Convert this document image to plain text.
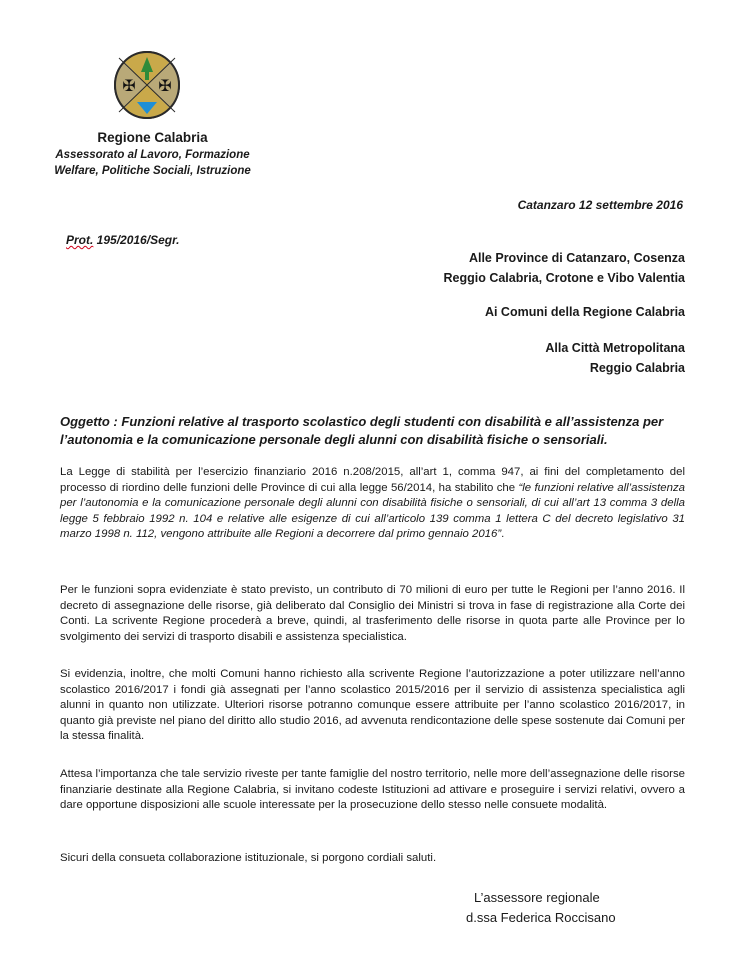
✠ ✠
Regione Calabria
Assessorato al Lavoro, Formazione
Welfare, Politiche Sociali, Istruzione
Catanzaro 12 settembre 2016
Prot. 195/2016/Segr.
Alle Province di Catanzaro, Cosenza
Reggio Calabria, Crotone e Vibo Valentia
Ai Comuni della Regione Calabria
Alla Città Metropolitana
Reggio Calabria
Oggetto : Funzioni relative al trasporto scolastico degli studenti con disabilità e all’assistenza per l’autonomia e la comunicazione personale degli alunni con disabilità fisiche o sensoriali.

La Legge di stabilità per l’esercizio finanziario 2016 n.208/2015, all’art 1, comma 947, ai fini del completamento del processo di riordino delle funzioni delle Province di cui alla legge 56/2014, ha stabilito che “le funzioni relative all’assistenza per l’autonomia e la comunicazione personale degli alunni con disabilità fisiche o sensoriali, di cui all’art 13 comma 3 della legge 5 febbraio 1992 n. 104 e relative alle esigenze di cui all’articolo 139 comma 1 lettera C del decreto legislativo 31 marzo 1998 n. 112, vengono attribuite alle Regioni a decorrere dal primo gennaio 2016”.

Per le funzioni sopra evidenziate è stato previsto, un contributo di 70 milioni di euro per tutte le Regioni per l’anno 2016. Il decreto di assegnazione delle risorse, già deliberato dal Consiglio dei Ministri si trova in fase di registrazione alla Corte dei Conti. La scrivente Regione procederà a breve, quindi, al trasferimento delle risorse in quota parte alle Province per lo svolgimento dei servizi di trasporto disabili e assistenza specialistica.

Si evidenzia, inoltre, che molti Comuni hanno richiesto alla scrivente Regione l’autorizzazione a poter utilizzare nell’anno scolastico 2016/2017 i fondi già assegnati per l’anno scolastico 2015/2016 per il servizio di assistenza specialistica agli alunni in quanto non utilizzate. Ulteriori risorse potranno comunque essere attribuite per l’anno scolastico 2016/2017, in quanto già previste nel piano del diritto allo studio 2016, ad avvenuta rendicontazione delle spese sostenute dai Comuni per la stessa finalità.

Attesa l’importanza che tale servizio riveste per tante famiglie del nostro territorio, nelle more dell’assegnazione delle risorse finanziarie destinate alla Regione Calabria, si invitano codeste Istituzioni ad attivare e proseguire i servizi relativi, ovvero a dare opportune disposizioni alle scuole interessate per la prosecuzione dello stesso nelle consuete modalità.

Sicuri della consueta collaborazione istituzionale, si porgono cordiali saluti.

L’assessore regionale
d.ssa Federica Roccisano
